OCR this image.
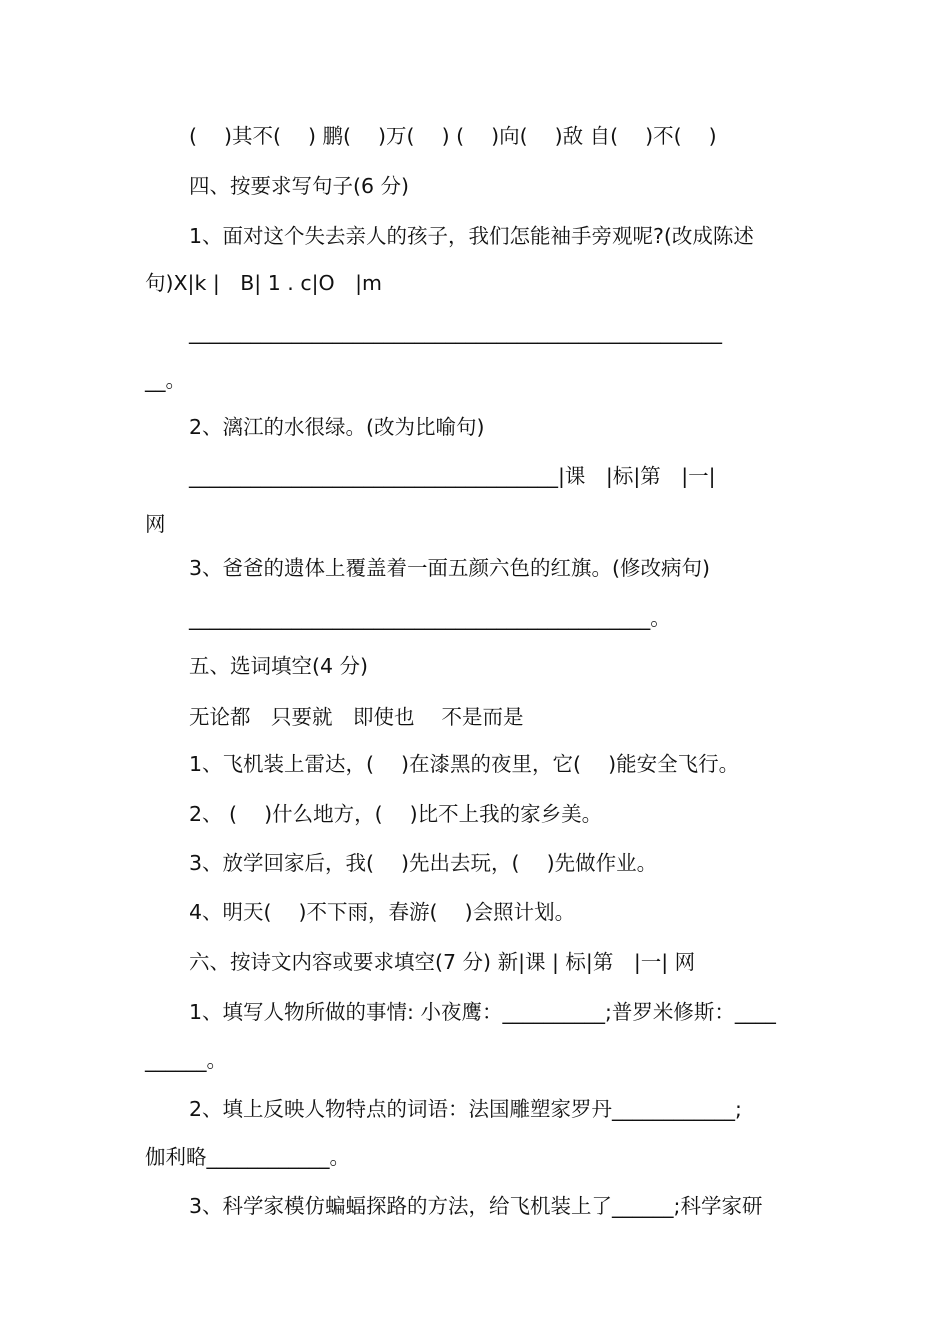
(　 )其不(　 ) 鹏(　 )万(　 ) (　 )向(　 )敌 自(　 )不(　 )
四、按要求写句子(6 分)
1、面对这个失去亲人的孩子，我们怎能袖手旁观呢?(改成陈述
句)X|k |　B| 1 . c|O　|m
____________________________________________________
__。
2、漓江的水很绿。(改为比喻句)
____________________________________|课　|标|第　|一|
网
3、爸爸的遗体上覆盖着一面五颜六色的红旗。(修改病句)
_____________________________________________。
五、选词填空(4 分)
无论都　只要就　即使也　 不是而是
1、飞机装上雷达，(　 )在漆黑的夜里，它(　 )能安全飞行。
2、 (　 )什么地方，(　 )比不上我的家乡美。
3、放学回家后，我(　 )先出去玩，(　 )先做作业。
4、明天(　 )不下雨，春游(　 )会照计划。
六、按诗文内容或要求填空(7 分) 新|课 | 标|第　|一| 网
1、填写人物所做的事情: 小夜鹰：__________;普罗米修斯：____
______。
2、填上反映人物特点的词语：法国雕塑家罗丹____________;
伽利略____________。
3、科学家模仿蝙蝠探路的方法，给飞机装上了______;科学家研
